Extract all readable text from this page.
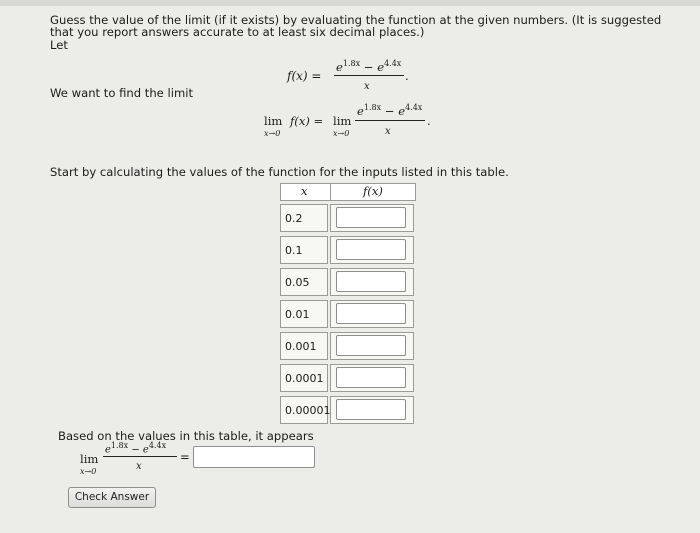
Guess the value of the limit (if it exists) by evaluating the function at the given numbers. (It is suggested
that you report answers accurate to at least six decimal places.)
Let
f(x) =
$e^{1.8x} - e^{4.4x}$
x
.
We want to find the limit
lim
x→0
f(x) = lim
x→0
$e^{1.8x} - e^{4.4x}$
x
.
Start by calculating the values of the function for the inputs listed in this table.
x	f(x)
0.2
0.1
0.05
0.01
0.001
0.0001
0.00001
Based on the values in this table, it appears
lim
x→0
$e^{1.8x} - e^{4.4x}$
x
=
Check Answer
